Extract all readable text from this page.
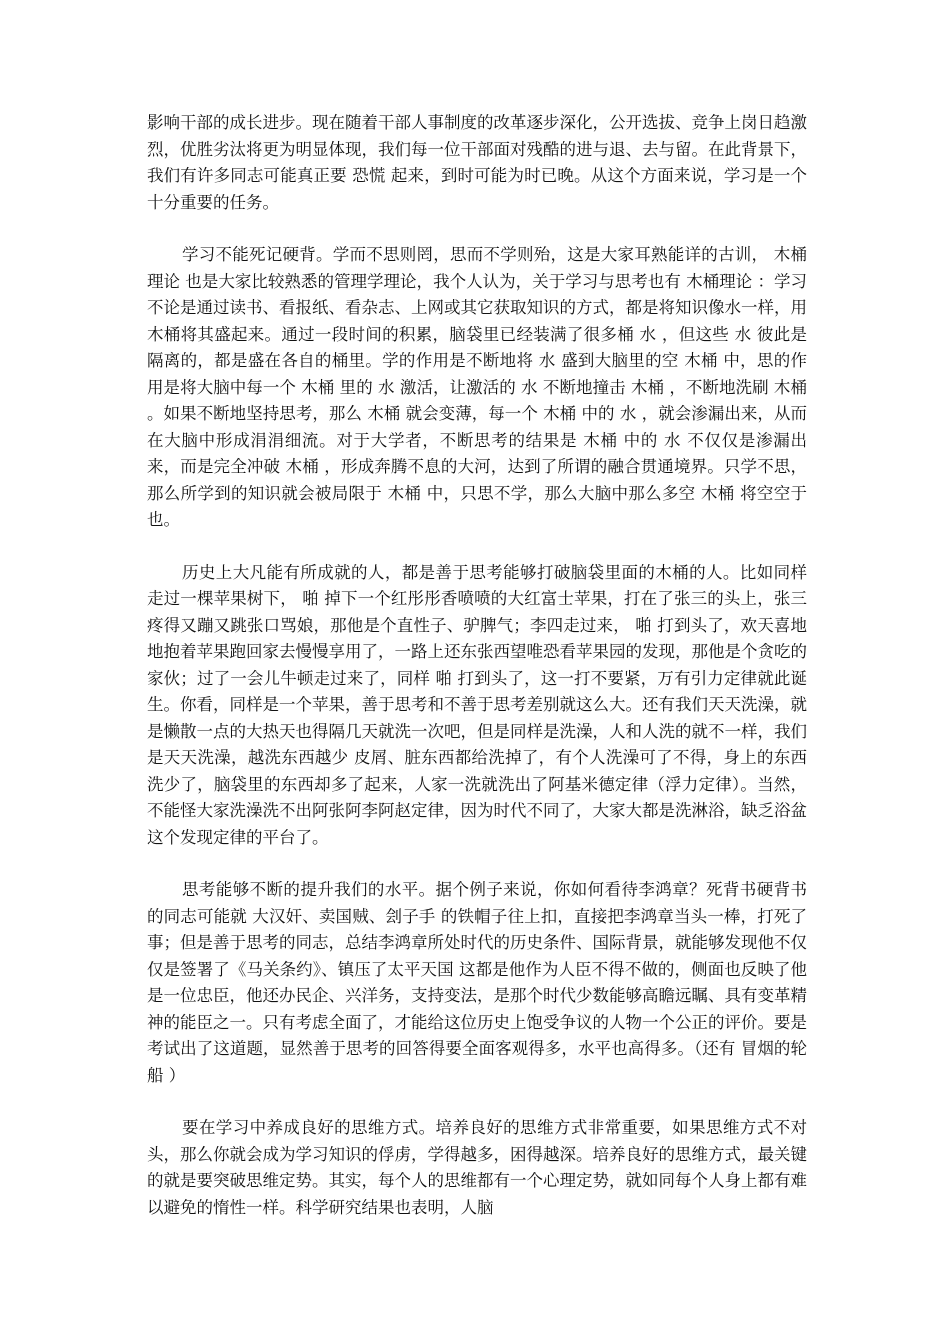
影响干部的成长进步。现在随着干部人事制度的改革逐步深化，公开选拔、竞争上岗日趋激烈，优胜劣汰将更为明显体现，我们每一位干部面对残酷的进与退、去与留。在此背景下，我们有许多同志可能真正要 恐慌 起来，到时可能为时已晚。从这个方面来说，学习是一个十分重要的任务。

学习不能死记硬背。学而不思则罔，思而不学则殆，这是大家耳熟能详的古训， 木桶理论 也是大家比较熟悉的管理学理论，我个人认为，关于学习与思考也有 木桶理论 ：学习不论是通过读书、看报纸、看杂志、上网或其它获取知识的方式，都是将知识像水一样，用木桶将其盛起来。通过一段时间的积累，脑袋里已经装满了很多桶 水 ，但这些 水 彼此是隔离的，都是盛在各自的桶里。学的作用是不断地将 水 盛到大脑里的空 木桶 中，思的作用是将大脑中每一个 木桶 里的 水 激活，让激活的 水 不断地撞击 木桶 ，不断地洗刷 木桶 。如果不断地坚持思考，那么 木桶 就会变薄，每一个 木桶 中的 水 ，就会渗漏出来，从而在大脑中形成涓涓细流。对于大学者，不断思考的结果是 木桶 中的 水 不仅仅是渗漏出来，而是完全冲破 木桶 ，形成奔腾不息的大河，达到了所谓的融合贯通境界。只学不思，那么所学到的知识就会被局限于 木桶 中，只思不学，那么大脑中那么多空 木桶 将空空于也。

历史上大凡能有所成就的人，都是善于思考能够打破脑袋里面的木桶的人。比如同样走过一棵苹果树下， 啪 掉下一个红彤彤香喷喷的大红富士苹果，打在了张三的头上，张三疼得又蹦又跳张口骂娘，那他是个直性子、驴脾气；李四走过来， 啪 打到头了，欢天喜地地抱着苹果跑回家去慢慢享用了，一路上还东张西望唯恐看苹果园的发现，那他是个贪吃的家伙；过了一会儿牛顿走过来了，同样 啪 打到头了，这一打不要紧，万有引力定律就此诞生。你看，同样是一个苹果，善于思考和不善于思考差别就这么大。还有我们天天洗澡，就是懒散一点的大热天也得隔几天就洗一次吧，但是同样是洗澡，人和人洗的就不一样，我们是天天洗澡，越洗东西越少 皮屑、脏东西都给洗掉了，有个人洗澡可了不得，身上的东西洗少了，脑袋里的东西却多了起来，人家一洗就洗出了阿基米德定律（浮力定律）。当然，不能怪大家洗澡洗不出阿张阿李阿赵定律，因为时代不同了，大家大都是洗淋浴，缺乏浴盆这个发现定律的平台了。

思考能够不断的提升我们的水平。据个例子来说，你如何看待李鸿章？死背书硬背书的同志可能就 大汉奸、卖国贼、刽子手 的铁帽子往上扣，直接把李鸿章当头一棒，打死了事；但是善于思考的同志，总结李鸿章所处时代的历史条件、国际背景，就能够发现他不仅仅是签署了《马关条约》、镇压了太平天国 这都是他作为人臣不得不做的，侧面也反映了他是一位忠臣，他还办民企、兴洋务，支持变法，是那个时代少数能够高瞻远瞩、具有变革精神的能臣之一。只有考虑全面了，才能给这位历史上饱受争议的人物一个公正的评价。要是考试出了这道题，显然善于思考的回答得要全面客观得多，水平也高得多。（还有 冒烟的轮船 ）

要在学习中养成良好的思维方式。培养良好的思维方式非常重要，如果思维方式不对头，那么你就会成为学习知识的俘虏，学得越多，困得越深。培养良好的思维方式，最关键的就是要突破思维定势。其实，每个人的思维都有一个心理定势，就如同每个人身上都有难以避免的惰性一样。科学研究结果也表明，人脑
